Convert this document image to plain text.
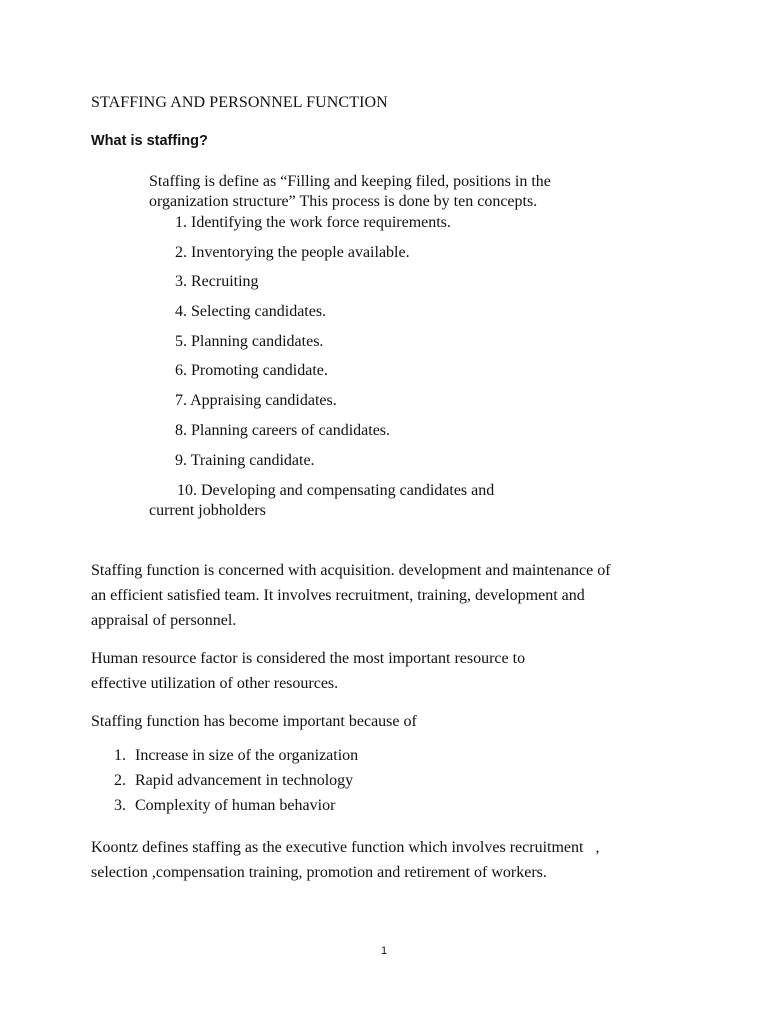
STAFFING AND PERSONNEL FUNCTION
What is staffing?
Staffing is define as “Filling and keeping filed, positions in the
organization structure” This process is done by ten concepts.
1. Identifying the work force requirements.
2. Inventorying the people available.
3. Recruiting
4. Selecting candidates.
5. Planning candidates.
6. Promoting candidate.
7. Appraising candidates.
8. Planning careers of candidates.
9. Training candidate.
10. Developing and compensating candidates and
current jobholders
Staffing function is concerned with acquisition. development and maintenance of
an efficient satisfied team. It involves recruitment, training, development and
appraisal of personnel.
Human resource factor is considered the most important resource to
effective utilization of other resources.
Staffing function has become important because of
1. Increase in size of the organization
2. Rapid advancement in technology
3. Complexity of human behavior
Koontz defines staffing as the executive function which involves recruitment   ,
selection ,compensation training, promotion and retirement of workers.
1
